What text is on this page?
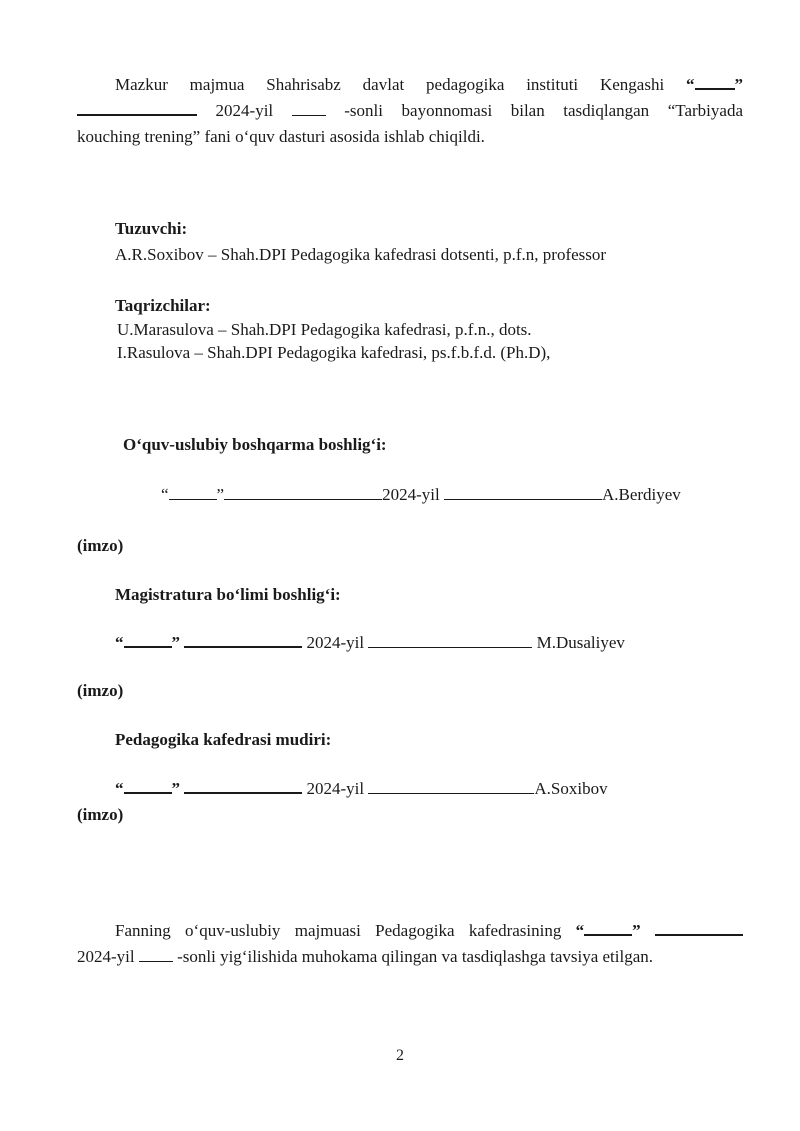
Mazkur majmua Shahrisabz davlat pedagogika instituti Kengashi “ ”
2024-yil	-sonli bayonnomasi bilan tasdiqlangan “Tarbiyada
kouching trening” fani o‘quv dasturi asosida ishlab chiqildi.
Tuzuvchi:
A.R.Soxibov – Shah.DPI Pedagogika kafedrasi dotsenti, p.f.n, professor
Taqrizchilar:
U.Marasulova – Shah.DPI Pedagogika kafedrasi, p.f.n., dots.
I.Rasulova – Shah.DPI Pedagogika kafedrasi, ps.f.b.f.d. (Ph.D),
O‘quv-uslubiy boshqarma boshlig‘i:
“	”	2024-yil	A.Berdiyev
(imzo)
Magistratura bo‘limi boshlig‘i:
“	”	2024-yil	M.Dusaliyev
(imzo)
Pedagogika kafedrasi mudiri:
“	”	2024-yil	A.Soxibov
(imzo)
Fanning o‘quv-uslubiy majmuasi Pedagogika kafedrasining “	”
2024-yil	-sonli yig‘ilishida muhokama qilingan va tasdiqlashga tavsiya etilgan.
2
